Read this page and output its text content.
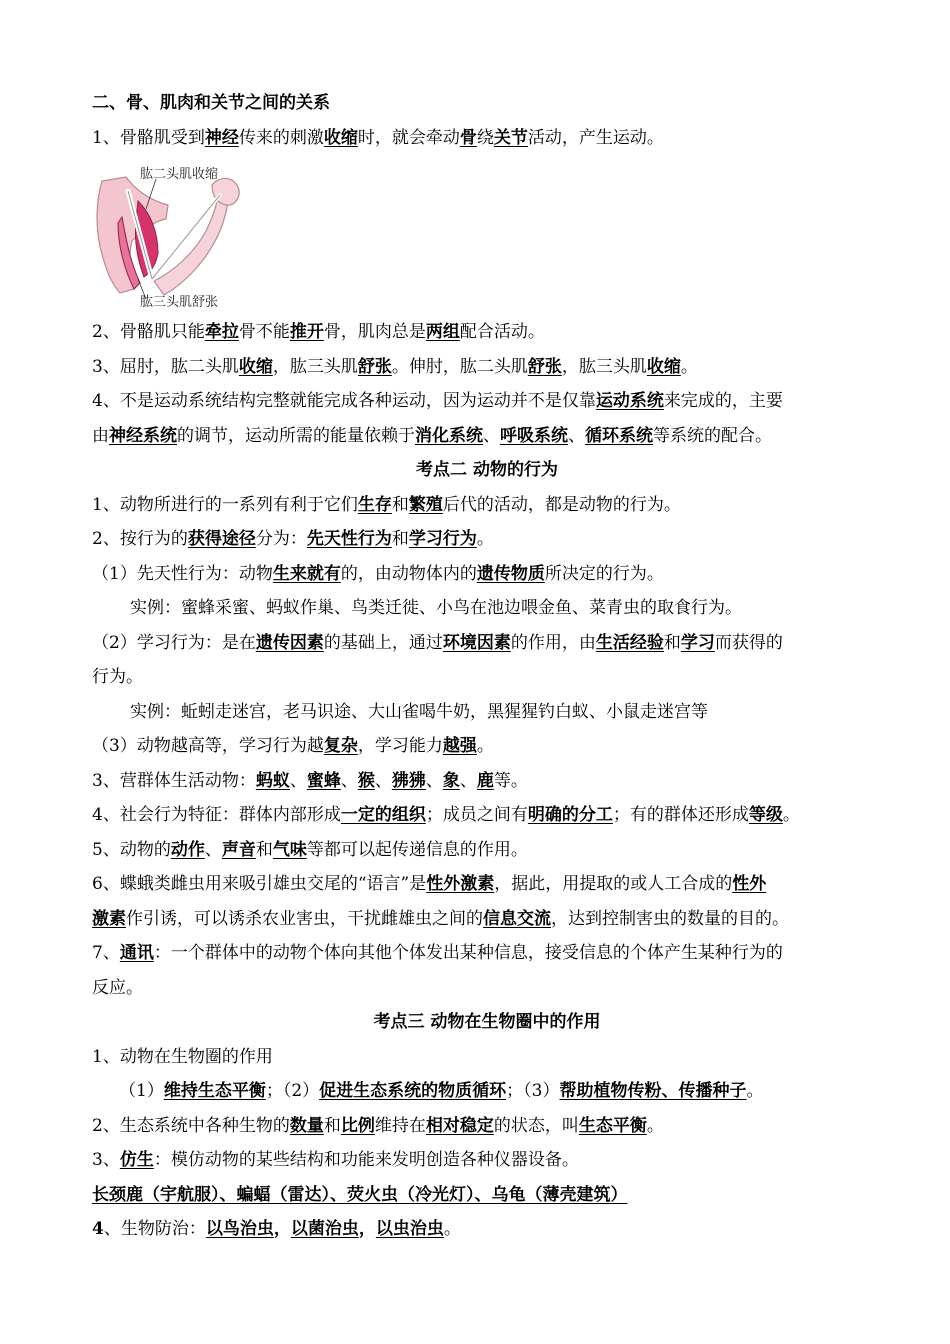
二、骨、肌肉和关节之间的关系
1、骨骼肌受到神经传来的刺激收缩时，就会牵动骨绕关节活动，产生运动。
肱二头肌收缩
肱三头肌舒张
2、骨骼肌只能牵拉骨不能推开骨，肌肉总是两组配合活动。
3、屈肘，肱二头肌收缩，肱三头肌舒张。伸肘，肱二头肌舒张，肱三头肌收缩。
4、不是运动系统结构完整就能完成各种运动，因为运动并不是仅靠运动系统来完成的，主要
由神经系统的调节，运动所需的能量依赖于消化系统、呼吸系统、循环系统等系统的配合。
考点二 动物的行为
1、动物所进行的一系列有利于它们生存和繁殖后代的活动，都是动物的行为。
2、按行为的获得途径分为：先天性行为和学习行为。
（1）先天性行为：动物生来就有的，由动物体内的遗传物质所决定的行为。
实例：蜜蜂采蜜、蚂蚁作巢、鸟类迁徙、小鸟在池边喂金鱼、菜青虫的取食行为。
（2）学习行为：是在遗传因素的基础上，通过环境因素的作用，由生活经验和学习而获得的
行为。
实例：蚯蚓走迷宫，老马识途、大山雀喝牛奶，黑猩猩钓白蚁、小鼠走迷宫等
（3）动物越高等，学习行为越复杂，学习能力越强。
3、营群体生活动物：蚂蚁、蜜蜂、猴、狒狒、象、鹿等。
4、社会行为特征：群体内部形成一定的组织；成员之间有明确的分工；有的群体还形成等级。
5、动物的动作、声音和气味等都可以起传递信息的作用。
6、蝶蛾类雌虫用来吸引雄虫交尾的“语言”是性外激素，据此，用提取的或人工合成的性外
激素作引诱，可以诱杀农业害虫，干扰雌雄虫之间的信息交流，达到控制害虫的数量的目的。
7、通讯：一个群体中的动物个体向其他个体发出某种信息，接受信息的个体产生某种行为的
反应。
考点三 动物在生物圈中的作用
1、动物在生物圈的作用
（1）维持生态平衡；（2）促进生态系统的物质循环；（3）帮助植物传粉、传播种子。
2、生态系统中各种生物的数量和比例维持在相对稳定的状态，叫生态平衡。
3、仿生：模仿动物的某些结构和功能来发明创造各种仪器设备。
长颈鹿（宇航服）、蝙蝠（雷达）、荧火虫（冷光灯）、乌龟（薄壳建筑）
4、生物防治：以鸟治虫，以菌治虫，以虫治虫。
